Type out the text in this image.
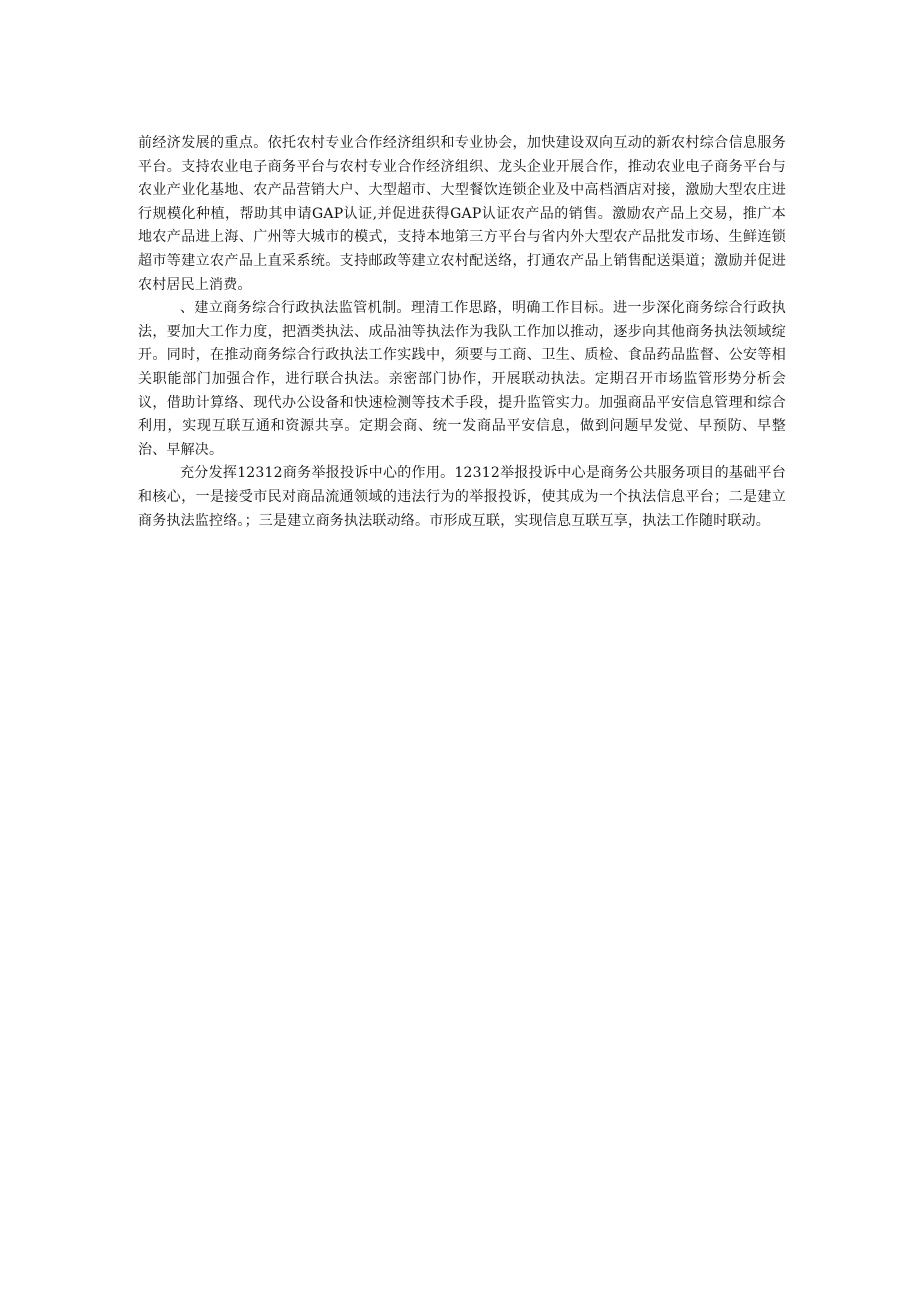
前经济发展的重点。依托农村专业合作经济组织和专业协会，加快建设双向互动的新农村综合信息服务平台。支持农业电子商务平台与农村专业合作经济组织、龙头企业开展合作，推动农业电子商务平台与农业产业化基地、农产品营销大户、大型超市、大型餐饮连锁企业及中高档酒店对接，激励大型农庄进行规模化种植，帮助其申请GAP认证,并促进获得GAP认证农产品的销售。激励农产品上交易，推广本地农产品进上海、广州等大城市的模式，支持本地第三方平台与省内外大型农产品批发市场、生鲜连锁超市等建立农产品上直采系统。支持邮政等建立农村配送络，打通农产品上销售配送渠道；激励并促进农村居民上消费。

、建立商务综合行政执法监管机制。理清工作思路，明确工作目标。进一步深化商务综合行政执法，要加大工作力度，把酒类执法、成品油等执法作为我队工作加以推动，逐步向其他商务执法领域绽开。同时，在推动商务综合行政执法工作实践中，须要与工商、卫生、质检、食品药品监督、公安等相关职能部门加强合作，进行联合执法。亲密部门协作，开展联动执法。定期召开市场监管形势分析会议，借助计算络、现代办公设备和快速检测等技术手段，提升监管实力。加强商品平安信息管理和综合利用，实现互联互通和资源共享。定期会商、统一发商品平安信息，做到问题早发觉、早预防、早整治、早解决。

充分发挥12312商务举报投诉中心的作用。12312举报投诉中心是商务公共服务项目的基础平台和核心，一是接受市民对商品流通领域的违法行为的举报投诉，使其成为一个执法信息平台；二是建立商务执法监控络。；三是建立商务执法联动络。市形成互联，实现信息互联互享，执法工作随时联动。
